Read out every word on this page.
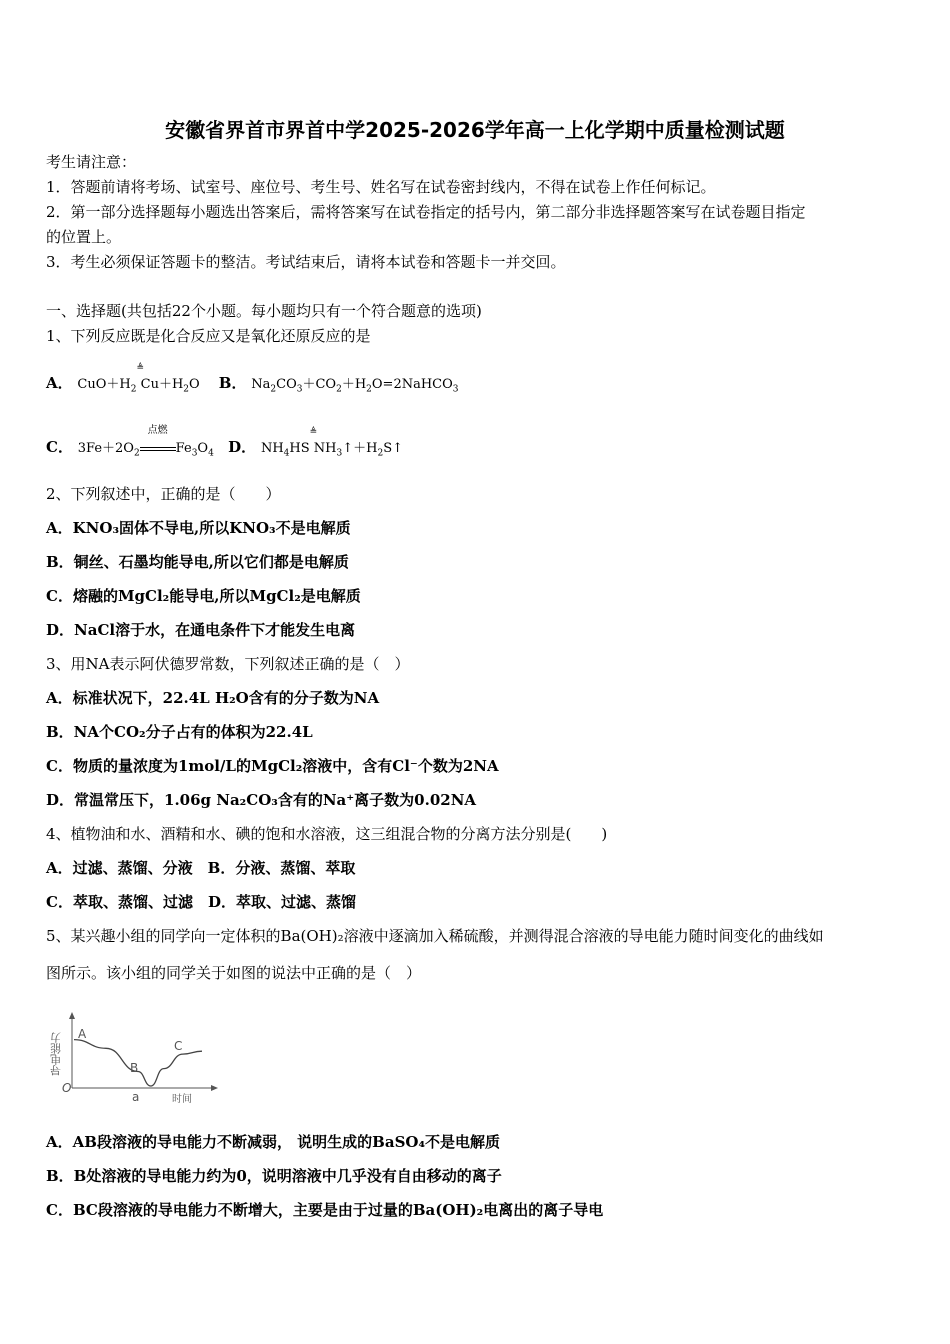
安徽省界首市界首中学2025-2026学年高一上化学期中质量检测试题
考生请注意：
1．答题前请将考场、试室号、座位号、考生号、姓名写在试卷密封线内，不得在试卷上作任何标记。
2．第一部分选择题每小题选出答案后，需将答案写在试卷指定的括号内，第二部分非选择题答案写在试卷题目指定
的位置上。
3．考生必须保证答题卡的整洁。考试结束后，请将本试卷和答题卡一并交回。
一、选择题(共包括22个小题。每小题均只有一个符合题意的选项)
1、下列反应既是化合反应又是氧化还原反应的是
A． $CuO+H_2$
≜
$Cu+H_2O$ B． $Na_2CO_3+CO_2+H_2O=2NaHCO_3$
C． $3Fe+2O_2$
点燃
$Fe_3O_4$ D． $NH_4HS$
≜
$NH_3↑+H_2S↑$
2、下列叙述中，正确的是（　　）
A．KNO₃固体不导电,所以KNO₃不是电解质
B．铜丝、石墨均能导电,所以它们都是电解质
C．熔融的MgCl₂能导电,所以MgCl₂是电解质
D．NaCl溶于水，在通电条件下才能发生电离
3、用NA表示阿伏德罗常数，下列叙述正确的是（　）
A．标准状况下，22.4L H₂O含有的分子数为NA
B．NA个CO₂分子占有的体积为22.4L
C．物质的量浓度为1mol/L的MgCl₂溶液中，含有Cl⁻个数为2NA
D．常温常压下，1.06g Na₂CO₃含有的Na⁺离子数为0.02NA
4、植物油和水、酒精和水、碘的饱和水溶液，这三组混合物的分离方法分别是(　　)
A．过滤、蒸馏、分液　B．分液、蒸馏、萃取
C．萃取、蒸馏、过滤　D．萃取、过滤、蒸馏
5、某兴趣小组的同学向一定体积的Ba(OH)₂溶液中逐滴加入稀硫酸，并测得混合溶液的导电能力随时间变化的曲线如
图所示。该小组的同学关于如图的说法中正确的是（　）
导电能力
O
A
B
C
a	时间
A．AB段溶液的导电能力不断减弱， 说明生成的BaSO₄不是电解质
B．B处溶液的导电能力约为0，说明溶液中几乎没有自由移动的离子
C．BC段溶液的导电能力不断增大，主要是由于过量的Ba(OH)₂电离出的离子导电
